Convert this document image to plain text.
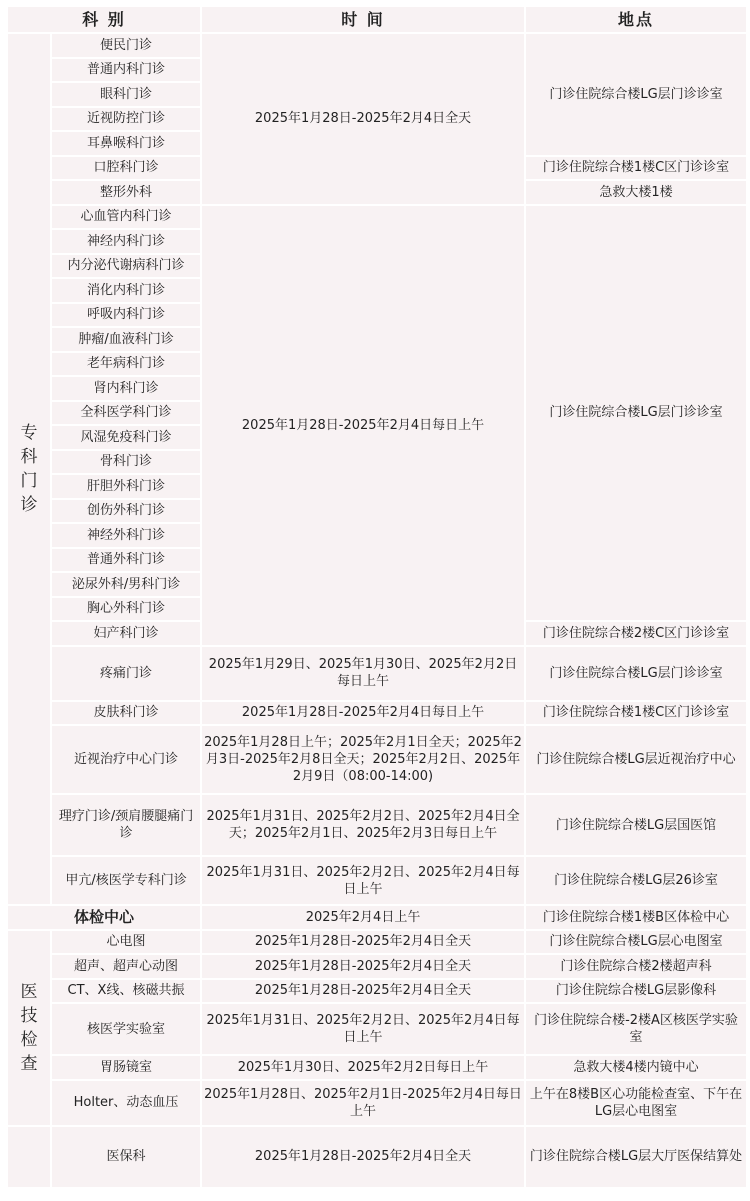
科 别		时 间	地点

专
科
门
诊	便民门诊	2025年1月28日-2025年2月4日全天	门诊住院综合楼LG层门诊诊室
	普通内科门诊		
	眼科门诊		
	近视防控门诊		
	耳鼻喉科门诊		
	口腔科门诊		门诊住院综合楼1楼C区门诊诊室
	整形外科		急救大楼1楼
	心血管内科门诊	2025年1月28日-2025年2月4日每日上午	门诊住院综合楼LG层门诊诊室
	神经内科门诊		
	内分泌代谢病科门诊		
	消化内科门诊		
	呼吸内科门诊		
	肿瘤/血液科门诊		
	老年病科门诊		
	肾内科门诊		
	全科医学科门诊		
	风湿免疫科门诊		
	骨科门诊		
	肝胆外科门诊		
	创伤外科门诊		
	神经外科门诊		
	普通外科门诊		
	泌尿外科/男科门诊		
	胸心外科门诊		
	妇产科门诊		门诊住院综合楼2楼C区门诊诊室
	疼痛门诊	2025年1月29日、2025年1月30日、2025年2月2日每日上午	门诊住院综合楼LG层门诊诊室
	皮肤科门诊	2025年1月28日-2025年2月4日每日上午	门诊住院综合楼1楼C区门诊诊室
	近视治疗中心门诊	2025年1月28日上午；2025年2月1日全天；2025年2月3日-2025年2月8日全天；2025年2月2日、2025年2月9日（08:00-14:00)	门诊住院综合楼LG层近视治疗中心
	理疗门诊/颈肩腰腿痛门诊	2025年1月31日、2025年2月2日、2025年2月4日全天；2025年2月1日、2025年2月3日每日上午	门诊住院综合楼LG层国医馆
	甲亢/核医学专科门诊	2025年1月31日、2025年2月2日、2025年2月4日每日上午	门诊住院综合楼LG层26诊室
体检中心		2025年2月4日上午	门诊住院综合楼1楼B区体检中心

医
技
检
查	心电图	2025年1月28日-2025年2月4日全天	门诊住院综合楼LG层心电图室
	超声、超声心动图	2025年1月28日-2025年2月4日全天	门诊住院综合楼2楼超声科
	CT、X线、核磁共振	2025年1月28日-2025年2月4日全天	门诊住院综合楼LG层影像科
	核医学实验室	2025年1月31日、2025年2月2日、2025年2月4日每日上午	门诊住院综合楼-2楼A区核医学实验室
	胃肠镜室	2025年1月30日、2025年2月2日每日上午	急救大楼4楼内镜中心
	Holter、动态血压	2025年1月28日、2025年2月1日-2025年2月4日每日上午	上午在8楼B区心功能检查室、下午在LG层心电图室
	医保科	2025年1月28日-2025年2月4日全天	门诊住院综合楼LG层大厅医保结算处
